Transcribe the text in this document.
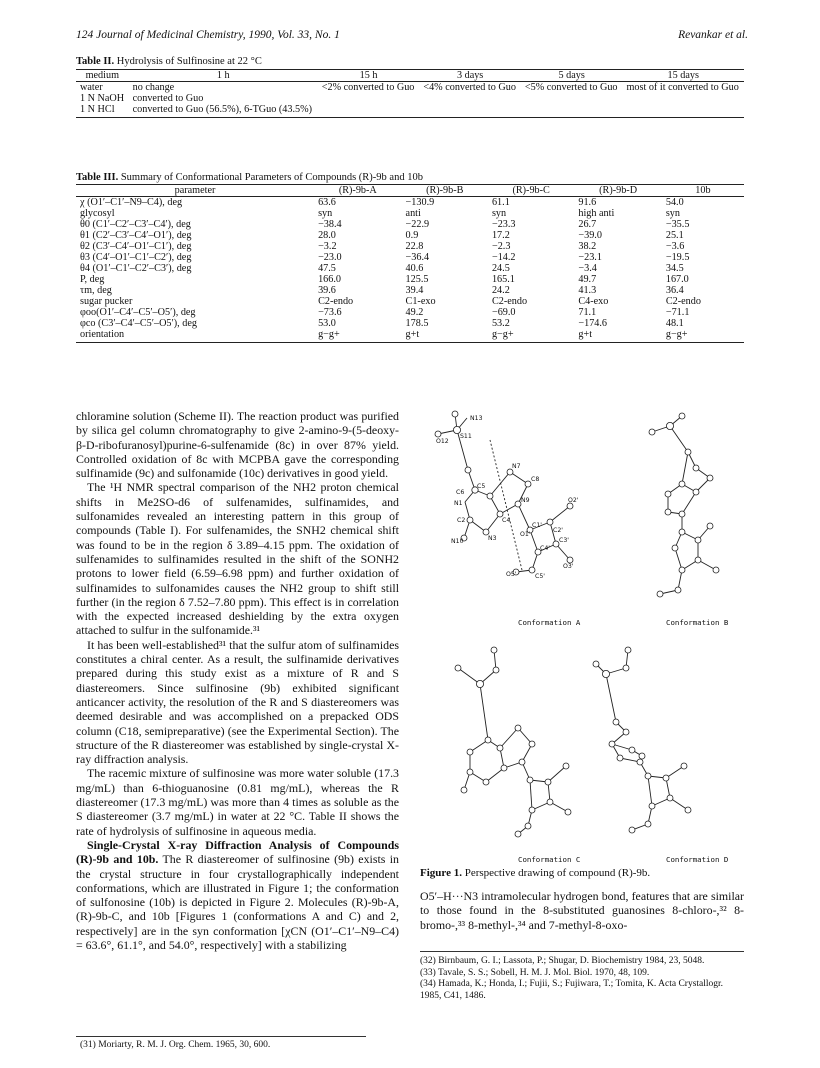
124 Journal of Medicinal Chemistry, 1990, Vol. 33, No. 1	Revankar et al.
Table II. Hydrolysis of Sulfinosine at 22 °C
medium	1 h	15 h	3 days	5 days	15 days
water	no change	<2% converted to Guo	<4% converted to Guo	<5% converted to Guo	most of it converted to Guo
1 N NaOH	converted to Guo				
1 N HCl	converted to Guo (56.5%), 6-TGuo (43.5%)				
Table III. Summary of Conformational Parameters of Compounds (R)-9b and 10b
parameter	(R)-9b-A	(R)-9b-B	(R)-9b-C	(R)-9b-D	10b
χ (O1′–C1′–N9–C4), deg	63.6	−130.9	61.1	91.6	54.0
glycosyl	syn	anti	syn	high anti	syn
θ0 (C1′–C2′–C3′–C4′), deg	−38.4	−22.9	−23.3	26.7	−35.5
θ1 (C2′–C3′–C4′–O1′), deg	28.0	0.9	17.2	−39.0	25.1
θ2 (C3′–C4′–O1′–C1′), deg	−3.2	22.8	−2.3	38.2	−3.6
θ3 (C4′–O1′–C1′–C2′), deg	−23.0	−36.4	−14.2	−23.1	−19.5
θ4 (O1′–C1′–C2′–C3′), deg	47.5	40.6	24.5	−3.4	34.5
P, deg	166.0	125.5	165.1	49.7	167.0
τm, deg	39.6	39.4	24.2	41.3	36.4
sugar pucker	C2-endo	C1-exo	C2-endo	C4-exo	C2-endo
φoo(O1′–C4′–C5′–O5′), deg	−73.6	49.2	−69.0	71.1	−71.1
φco (C3′–C4′–C5′–O5′), deg	53.0	178.5	53.2	−174.6	48.1
orientation	g−g+	g+t	g−g+	g+t	g−g+

chloramine solution (Scheme II). The reaction product was purified by silica gel column chromatography to give 2-amino-9-(5-deoxy-β-D-ribofuranosyl)purine-6-sulfenamide (8c) in over 87% yield. Controlled oxidation of 8c with MCPBA gave the corresponding sulfinamide (9c) and sulfonamide (10c) derivatives in good yield.

The ¹H NMR spectral comparison of the NH2 proton chemical shifts in Me2SO-d6 of sulfenamides, sulfinamides, and sulfonamides revealed an interesting pattern in this group of compounds (Table I). For sulfenamides, the SNH2 chemical shift was found to be in the region δ 3.89–4.15 ppm. The oxidation of sulfenamides to sulfinamides resulted in the shift of the SONH2 protons to lower field (6.59–6.98 ppm) and further oxidation of sulfinamides to sulfonamides causes the NH2 group to shift still further (in the region δ 7.52–7.80 ppm). This effect is in correlation with the expected increased deshielding by the extra oxygen attached to sulfur in the sulfonamide.³¹

It has been well-established³¹ that the sulfur atom of sulfinamides constitutes a chiral center. As a result, the sulfinamide derivatives prepared during this study exist as a mixture of R and S diastereomers. Since sulfinosine (9b) exhibited significant anticancer activity, the resolution of the R and S diastereomers was deemed desirable and was accomplished on a prepacked ODS column (C18, semipreparative) (see the Experimental Section). The structure of the R diastereomer was established by single-crystal X-ray diffraction analysis.

The racemic mixture of sulfinosine was more water soluble (17.3 mg/mL) than 6-thioguanosine (0.81 mg/mL), whereas the R diastereomer (17.3 mg/mL) was more than 4 times as soluble as the S diastereomer (3.7 mg/mL) in water at 22 °C. Table II shows the rate of hydrolysis of sulfinosine in aqueous media.

Single-Crystal X-ray Diffraction Analysis of Compounds (R)-9b and 10b. The R diastereomer of sulfinosine (9b) exists in the crystal structure in four crystallographically independent conformations, which are illustrated in Figure 1; the conformation of sulfonosine (10b) is depicted in Figure 2. Molecules (R)-9b-A, (R)-9b-C, and 10b [Figures 1 (conformations A and C) and 2, respectively] are in the syn conformation [χCN (O1′–C1′–N9–C4) = 63.6°, 61.1°, and 54.0°, respectively] with a stabilizing

(31) Moriarty, R. M. J. Org. Chem. 1965, 30, 600.
O12
S11
N13
N7
C6
C5
C8
N1	N9
C2	C4
N3
N10
O2'
C1'
C2'
O1'
C3'
C4'
O3'
O5'	C5'
Conformation A	Conformation B
Conformation C	Conformation D
Figure 1. Perspective drawing of compound (R)-9b.
O5′–H···N3 intramolecular hydrogen bond, features that are similar to those found in the 8-substituted guanosines 8-chloro-,³² 8-bromo-,³³ 8-methyl-,³⁴ and 7-methyl-8-oxo-

(32) Birnbaum, G. I.; Lassota, P.; Shugar, D. Biochemistry 1984, 23, 5048.

(33) Tavale, S. S.; Sobell, H. M. J. Mol. Biol. 1970, 48, 109.

(34) Hamada, K.; Honda, I.; Fujii, S.; Fujiwara, T.; Tomita, K. Acta Crystallogr. 1985, C41, 1486.
